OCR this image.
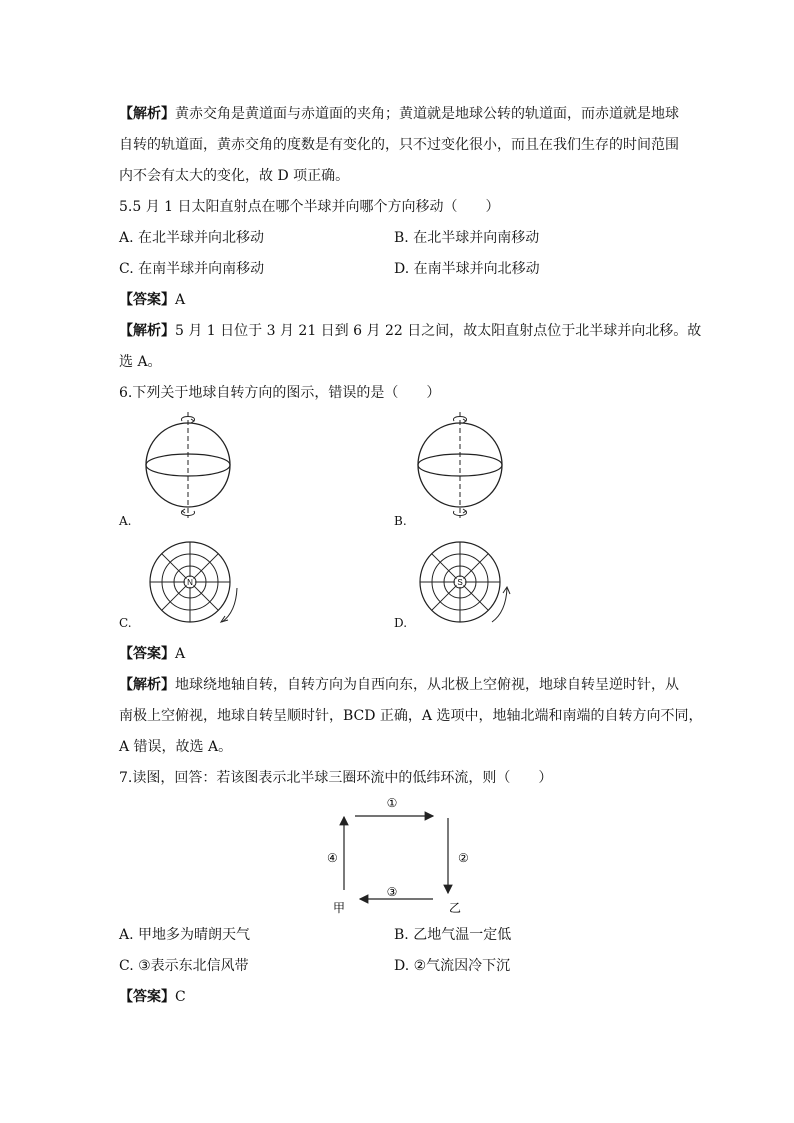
【解析】黄赤交角是黄道面与赤道面的夹角；黄道就是地球公转的轨道面，而赤道就是地球
自转的轨道面，黄赤交角的度数是有变化的，只不过变化很小，而且在我们生存的时间范围
内不会有太大的变化，故 D 项正确。
5.5 月 1 日太阳直射点在哪个半球并向哪个方向移动（　　）
A. 在北半球并向北移动	B. 在北半球并向南移动
C. 在南半球并向南移动	D. 在南半球并向北移动
【答案】A
【解析】5 月 1 日位于 3 月 21 日到 6 月 22 日之间，故太阳直射点位于北半球并向北移。故
选 A。
6.下列关于地球自转方向的图示，错误的是（　　）
A.	B.
N
C.
S
D.
【答案】A
【解析】地球绕地轴自转，自转方向为自西向东，从北极上空俯视，地球自转呈逆时针，从
南极上空俯视，地球自转呈顺时针，BCD 正确，A 选项中，地轴北端和南端的自转方向不同，
A 错误，故选 A。
7.读图，回答：若该图表示北半球三圈环流中的低纬环流，则（　　）
①
②
③
④
甲	乙
A. 甲地多为晴朗天气	B. 乙地气温一定低
C. ③表示东北信风带	D. ②气流因冷下沉
【答案】C
